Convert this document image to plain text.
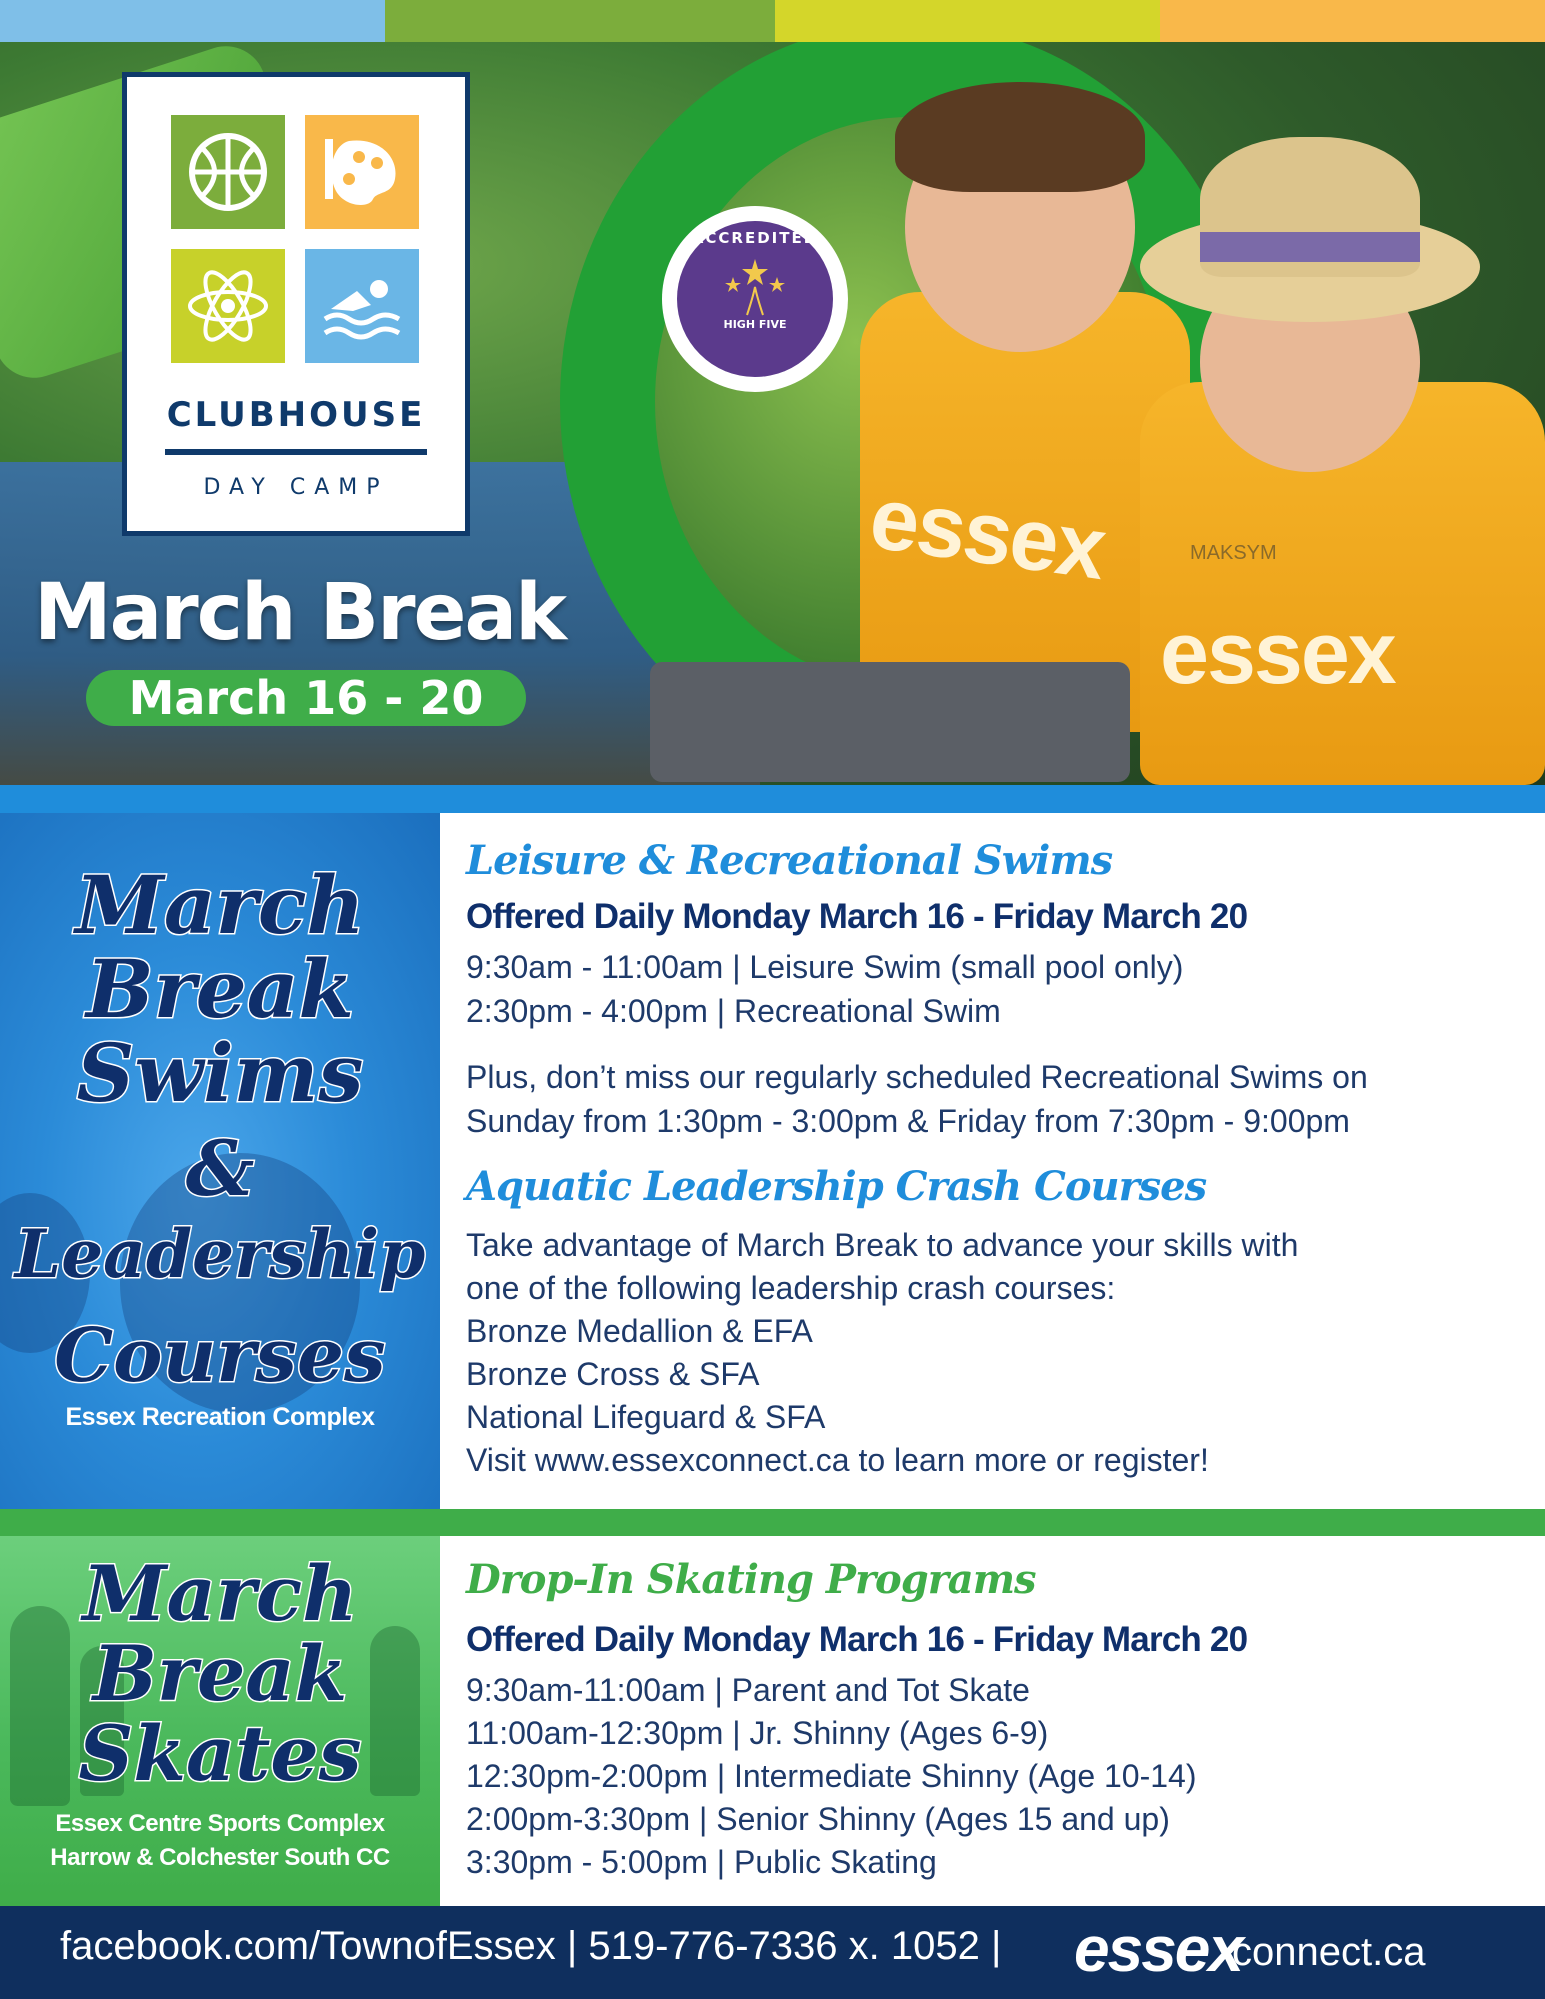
essex
essex
MAKSYM
CLUBHOUSE
DAY CAMP
ACCREDITED
HIGH FIVE
March Break
March 16 - 20
March
Break
Swims
&
Leadership
Courses
Essex Recreation Complex
Leisure & Recreational Swims
Offered Daily Monday March 16 - Friday March 20
9:30am - 11:00am | Leisure Swim (small pool only)
2:30pm - 4:00pm | Recreational Swim
Plus, don’t miss our regularly scheduled Recreational Swims on
Sunday from 1:30pm - 3:00pm & Friday from 7:30pm - 9:00pm
Aquatic Leadership Crash Courses
Take advantage of March Break to advance your skills with
one of the following leadership crash courses:
Bronze Medallion & EFA
Bronze Cross & SFA
National Lifeguard & SFA
Visit www.essexconnect.ca to learn more or register!
March
Break
Skates
Essex Centre Sports Complex
Harrow & Colchester South CC
Drop-In Skating Programs
Offered Daily Monday March 16 - Friday March 20
9:30am-11:00am | Parent and Tot Skate
11:00am-12:30pm | Jr. Shinny (Ages 6-9)
12:30pm-2:00pm | Intermediate Shinny (Age 10-14)
2:00pm-3:30pm | Senior Shinny (Ages 15 and up)
3:30pm - 5:00pm | Public Skating
facebook.com/TownofEssex | 519-776-7336 x. 1052 | essex
connect.ca
